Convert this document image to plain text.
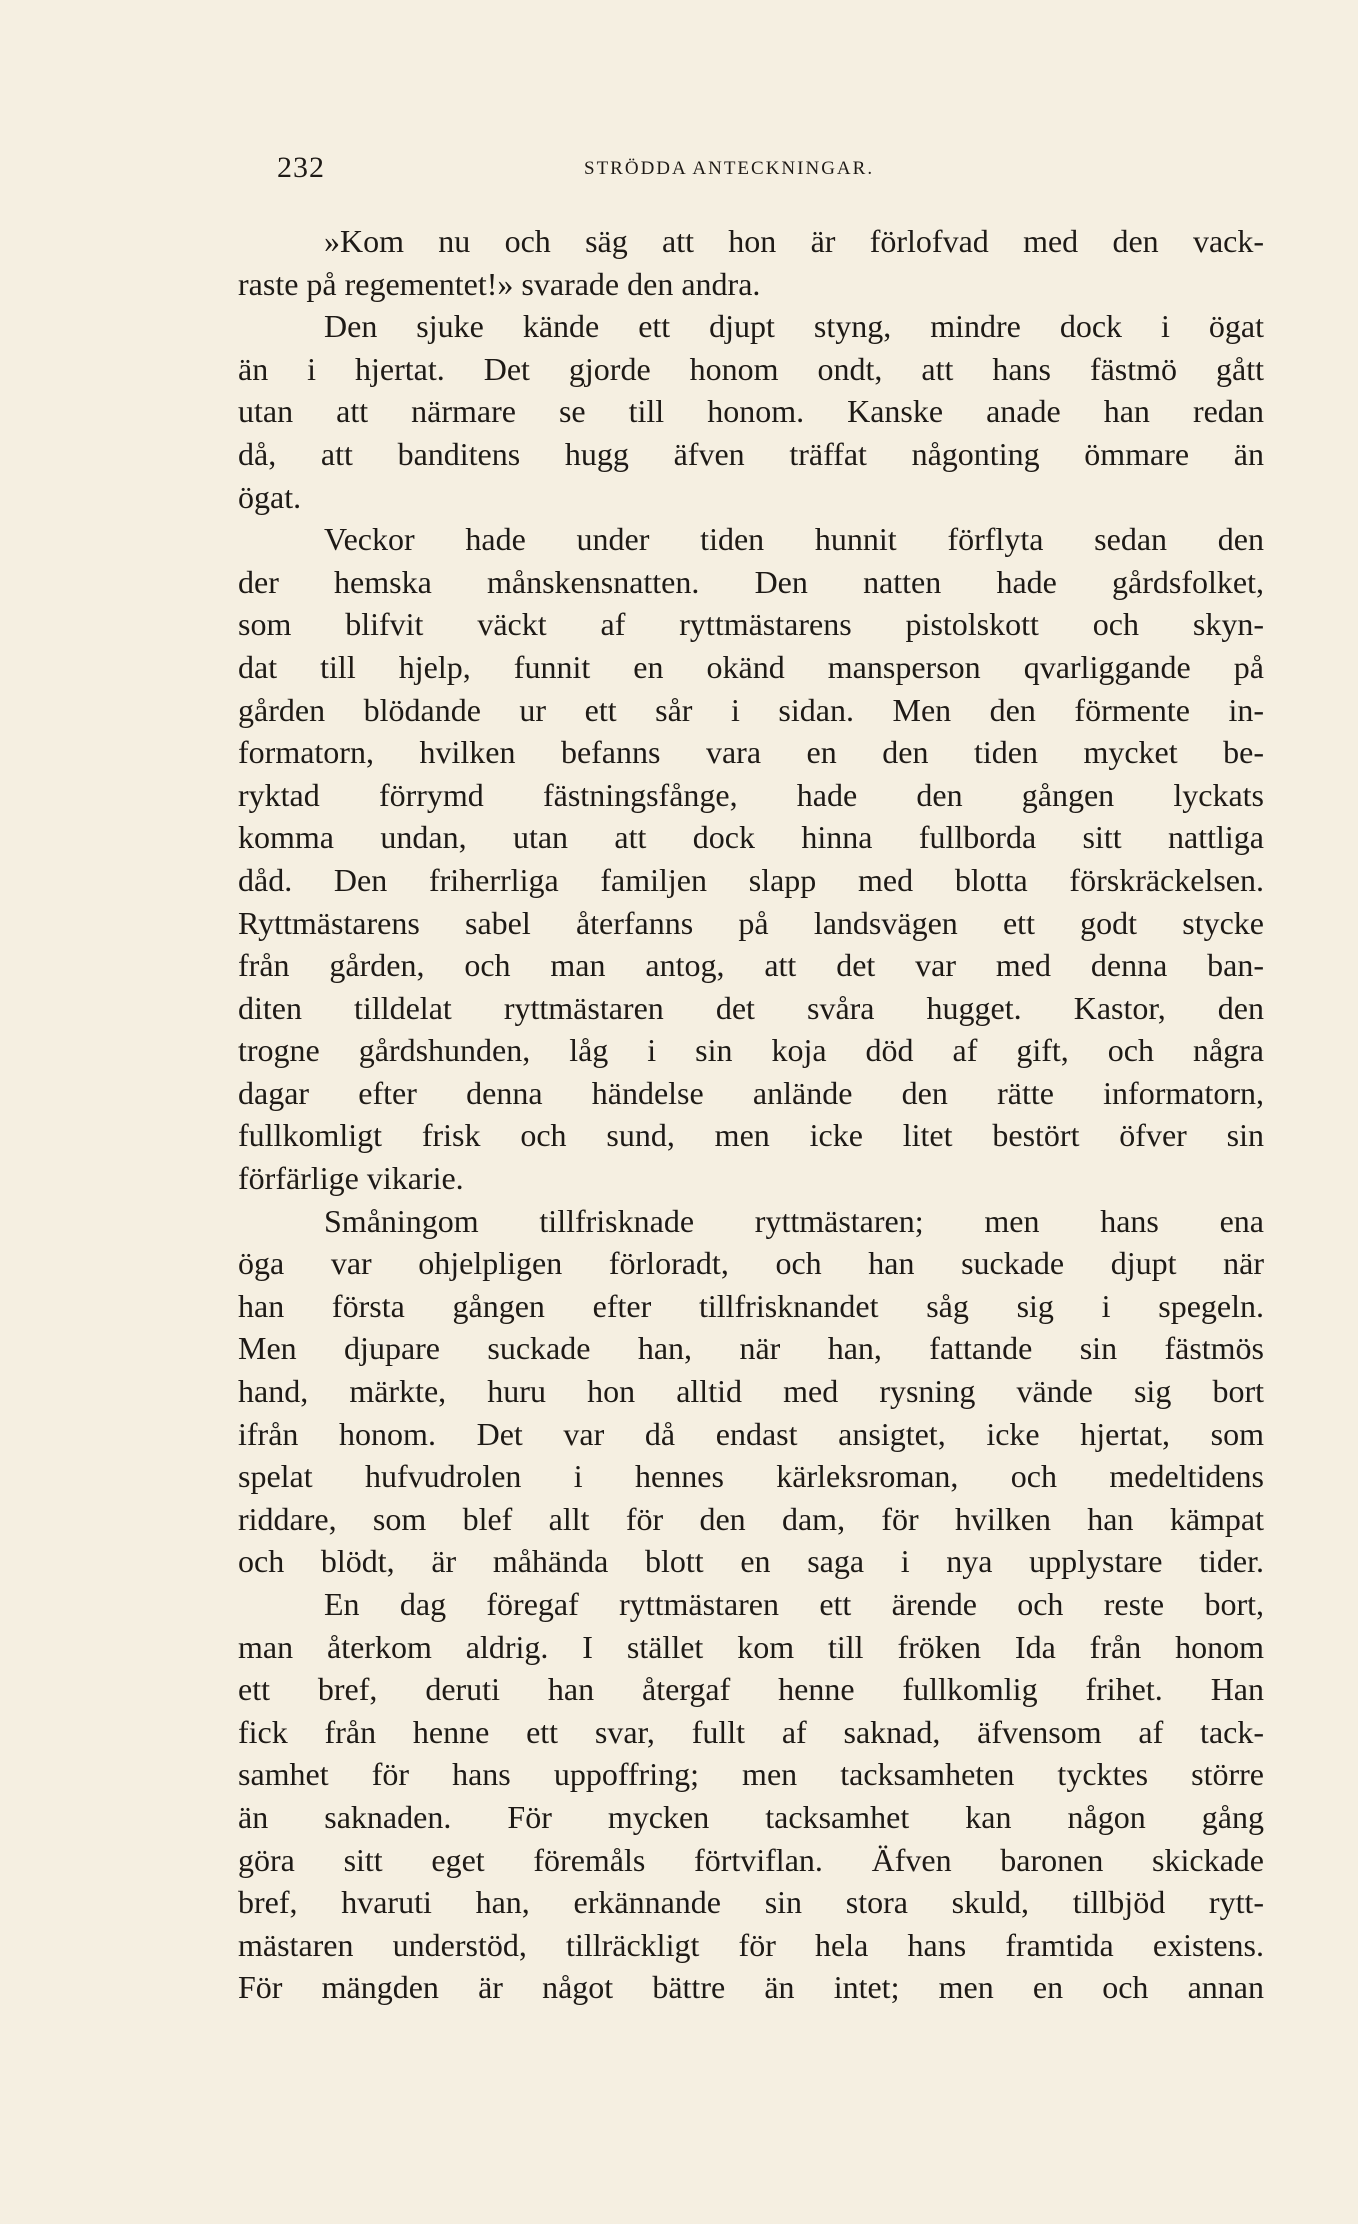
232	STRÖDDA ANTECKNINGAR.
»Kom nu och säg att hon är förlofvad med den vack-
raste på regementet!» svarade den andra.
Den sjuke kände ett djupt styng, mindre dock i ögat
än i hjertat. Det gjorde honom ondt, att hans fästmö gått
utan att närmare se till honom. Kanske anade han redan
då, att banditens hugg äfven träffat någonting ömmare än
ögat.
Veckor hade under tiden hunnit förflyta sedan den
der hemska månskensnatten. Den natten hade gårdsfolket,
som blifvit väckt af ryttmästarens pistolskott och skyn-
dat till hjelp, funnit en okänd mansperson qvarliggande på
gården blödande ur ett sår i sidan. Men den förmente in-
formatorn, hvilken befanns vara en den tiden mycket be-
ryktad förrymd fästningsfånge, hade den gången lyckats
komma undan, utan att dock hinna fullborda sitt nattliga
dåd. Den friherrliga familjen slapp med blotta förskräckelsen.
Ryttmästarens sabel återfanns på landsvägen ett godt stycke
från gården, och man antog, att det var med denna ban-
diten tilldelat ryttmästaren det svåra hugget. Kastor, den
trogne gårdshunden, låg i sin koja död af gift, och några
dagar efter denna händelse anlände den rätte informatorn,
fullkomligt frisk och sund, men icke litet bestört öfver sin
förfärlige vikarie.
Småningom tillfrisknade ryttmästaren; men hans ena
öga var ohjelpligen förloradt, och han suckade djupt när
han första gången efter tillfrisknandet såg sig i spegeln.
Men djupare suckade han, när han, fattande sin fästmös
hand, märkte, huru hon alltid med rysning vände sig bort
ifrån honom. Det var då endast ansigtet, icke hjertat, som
spelat hufvudrolen i hennes kärleksroman, och medeltidens
riddare, som blef allt för den dam, för hvilken han kämpat
och blödt, är måhända blott en saga i nya upplystare tider.
En dag föregaf ryttmästaren ett ärende och reste bort,
man återkom aldrig. I stället kom till fröken Ida från honom
ett bref, deruti han återgaf henne fullkomlig frihet. Han
fick från henne ett svar, fullt af saknad, äfvensom af tack-
samhet för hans uppoffring; men tacksamheten tycktes större
än saknaden. För mycken tacksamhet kan någon gång
göra sitt eget föremåls förtviflan. Äfven baronen skickade
bref, hvaruti han, erkännande sin stora skuld, tillbjöd rytt-
mästaren understöd, tillräckligt för hela hans framtida existens.
För mängden är något bättre än intet; men en och annan
